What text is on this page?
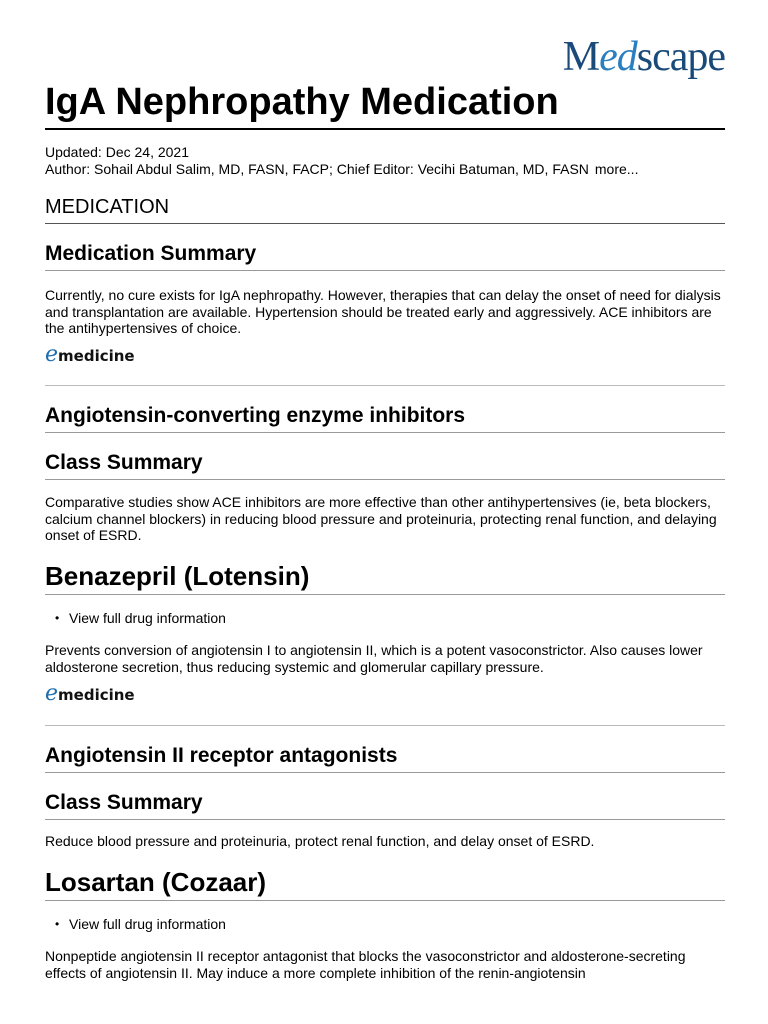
Medscape
IgA Nephropathy Medication
Updated: Dec 24, 2021
Author: Sohail Abdul Salim, MD, FASN, FACP; Chief Editor: Vecihi Batuman, MD, FASN more...
MEDICATION
Medication Summary

Currently, no cure exists for IgA nephropathy. However, therapies that can delay the onset of need for dialysis and transplantation are available. Hypertension should be treated early and aggressively. ACE inhibitors are the antihypertensives of choice.

emedicine
Angiotensin-converting enzyme inhibitors
Class Summary

Comparative studies show ACE inhibitors are more effective than other antihypertensives (ie, beta blockers, calcium channel blockers) in reducing blood pressure and proteinuria, protecting renal function, and delaying onset of ESRD.

Benazepril (Lotensin)
• View full drug information

Prevents conversion of angiotensin I to angiotensin II, which is a potent vasoconstrictor. Also causes lower aldosterone secretion, thus reducing systemic and glomerular capillary pressure.

emedicine
Angiotensin II receptor antagonists
Class Summary

Reduce blood pressure and proteinuria, protect renal function, and delay onset of ESRD.

Losartan (Cozaar)
• View full drug information

Nonpeptide angiotensin II receptor antagonist that blocks the vasoconstrictor and aldosterone-secreting effects of angiotensin II. May induce a more complete inhibition of the renin-angiotensin
